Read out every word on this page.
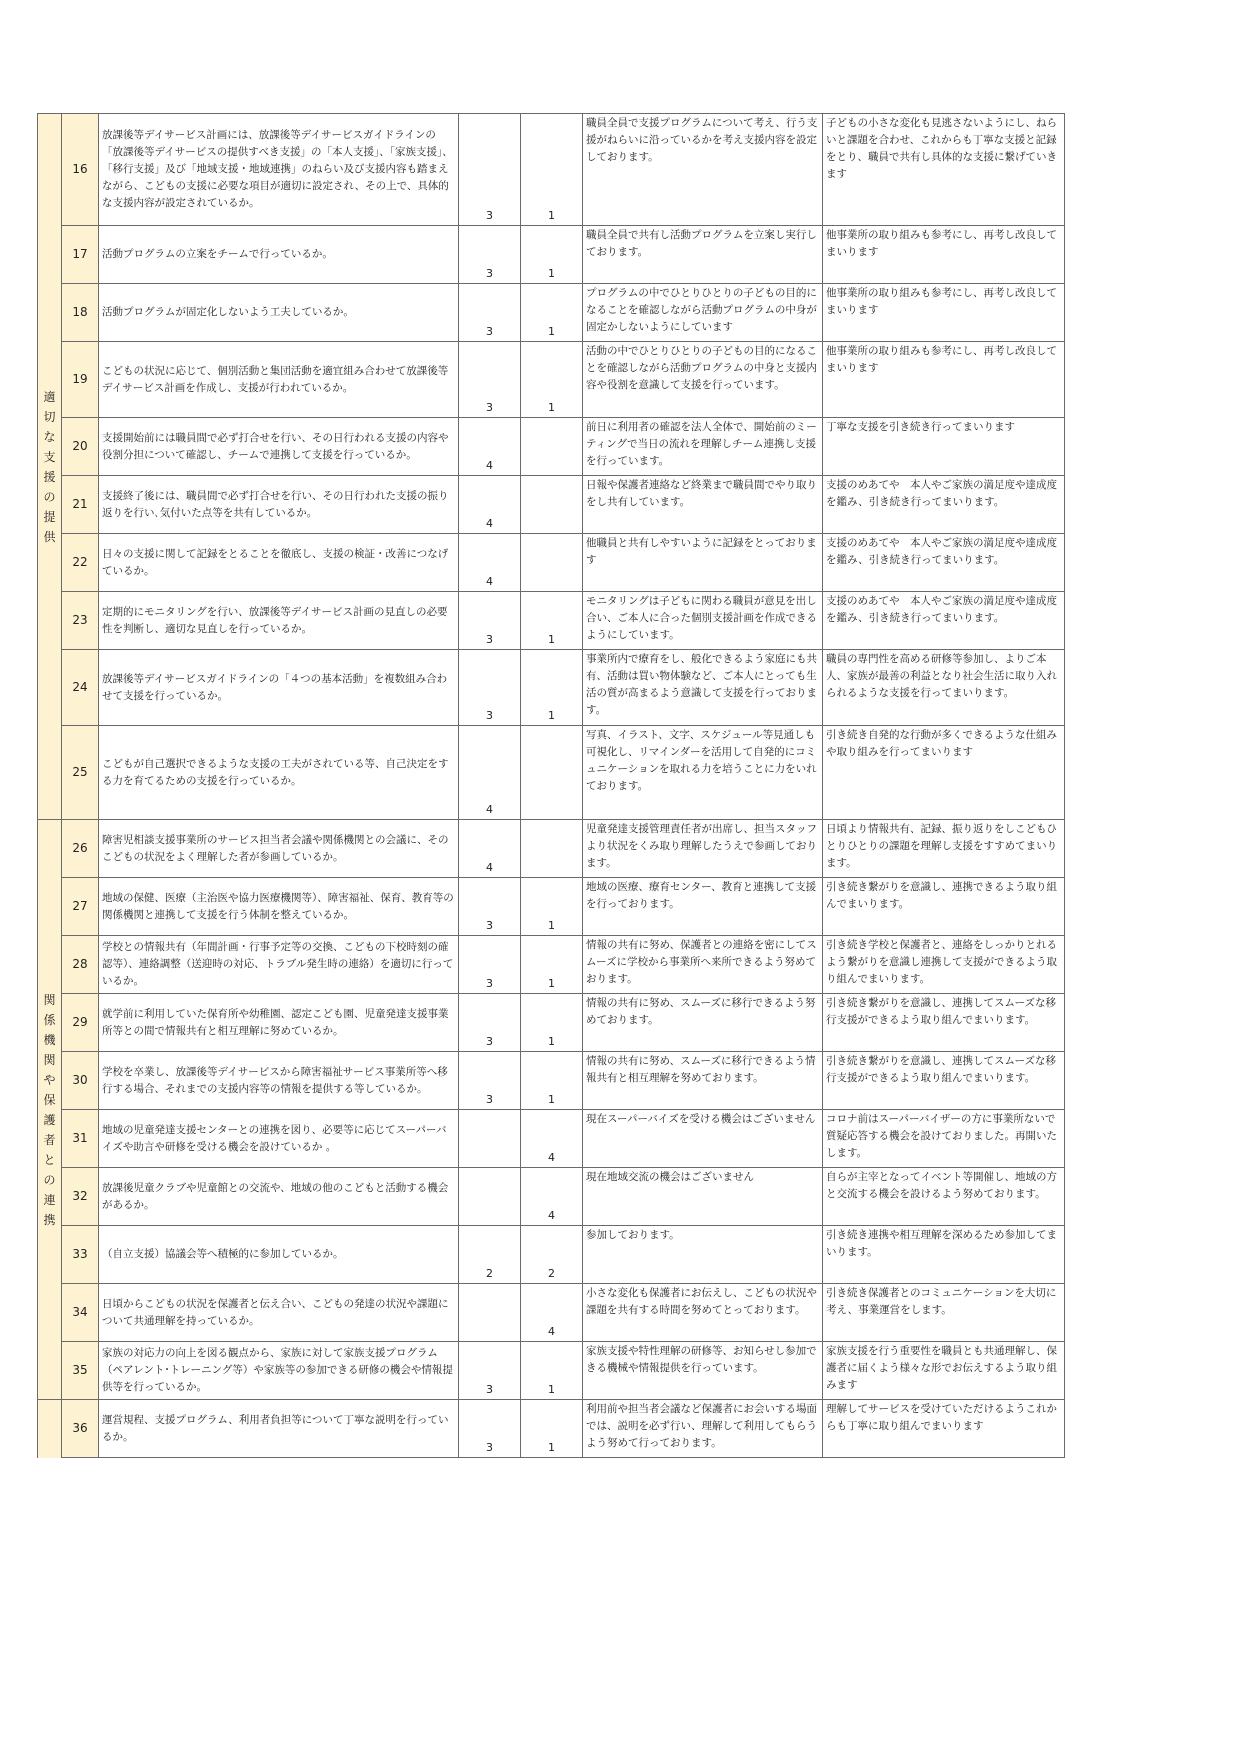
適切な支援の提供	16	放課後等デイサービス計画には、放課後等デイサービスガイドラインの「放課後等デイサービスの提供すべき支援」の「本人支援」、「家族支援」、「移行支援」及び「地域支援・地域連携」のねらい及び支援内容も踏まえながら、こどもの支援に必要な項目が適切に設定され、その上で、具体的な支援内容が設定されているか。	3	1	職員全員で支援プログラムについて考え、行う支援がねらいに沿っているかを考え支援内容を設定しております。	子どもの小さな変化も見逃さないようにし、ねらいと課題を合わせ、これからも丁寧な支援と記録をとり、職員で共有し具体的な支援に繋げていきます
	17	活動プログラムの立案をチームで行っているか。	3	1	職員全員で共有し活動プログラムを立案し実行しております。	他事業所の取り組みも参考にし、再考し改良してまいります
	18	活動プログラムが固定化しないよう工夫しているか。	3	1	プログラムの中でひとりひとりの子どもの目的になることを確認しながら活動プログラムの中身が固定かしないようにしています	他事業所の取り組みも参考にし、再考し改良してまいります
	19	こどもの状況に応じて、個別活動と集団活動を適宜組み合わせて放課後等デイサービス計画を作成し、支援が行われているか。	3	1	活動の中でひとりひとりの子どもの目的になることを確認しながら活動プログラムの中身と支援内容や役割を意識して支援を行っています。	他事業所の取り組みも参考にし、再考し改良してまいります
	20	支援開始前には職員間で必ず打合せを行い、その日行われる支援の内容や役割分担について確認し、チームで連携して支援を行っているか。	4		前日に利用者の確認を法人全体で、開始前のミーティングで当日の流れを理解しチーム連携し支援を行っています。	丁寧な支援を引き続き行ってまいります
	21	支援終了後には、職員間で必ず打合せを行い、その日行われた支援の振り返りを行い､気付いた点等を共有しているか。	4		日報や保護者連絡など終業まで職員間でやり取りをし共有しています。	支援のめあてや　本人やご家族の満足度や達成度を鑑み、引き続き行ってまいります。
	22	日々の支援に関して記録をとることを徹底し、支援の検証・改善につなげているか。	4		他職員と共有しやすいように記録をとっております	支援のめあてや　本人やご家族の満足度や達成度を鑑み、引き続き行ってまいります。
	23	定期的にモニタリングを行い、放課後等デイサービス計画の見直しの必要性を判断し、適切な見直しを行っているか。	3	1	モニタリングは子どもに関わる職員が意見を出し合い、ご本人に合った個別支援計画を作成できるようにしています。	支援のめあてや　本人やご家族の満足度や達成度を鑑み、引き続き行ってまいります。
	24	放課後等デイサービスガイドラインの「４つの基本活動」を複数組み合わせて支援を行っているか。	3	1	事業所内で療育をし、般化できるよう家庭にも共有、活動は買い物体験など、ご本人にとっても生活の質が高まるよう意識して支援を行っております。	職員の専門性を高める研修等参加し、よりご本人、家族が最善の利益となり社会生活に取り入れられるような支援を行ってまいります。
	25	こどもが自己選択できるような支援の工夫がされている等、自己決定をする力を育てるための支援を行っているか。	4		写真、イラスト、文字、スケジュール等見通しも可視化し、リマインダーを活用して自発的にコミュニケーションを取れる力を培うことに力をいれております。	引き続き自発的な行動が多くできるような仕組みや取り組みを行ってまいります
関係機関や保護者との連携	26	障害児相談支援事業所のサービス担当者会議や関係機関との会議に、そのこどもの状況をよく理解した者が参画しているか。	4		児童発達支援管理責任者が出席し、担当スタッフより状況をくみ取り理解したうえで参画しております。	日頃より情報共有、記録、振り返りをしこどもひとりひとりの課題を理解し支援をすすめてまいります。
	27	地域の保健、医療（主治医や協力医療機関等）、障害福祉、保育、教育等の関係機関と連携して支援を行う体制を整えているか。	3	1	地域の医療、療育センター、教育と連携して支援を行っております。	引き続き繋がりを意識し、連携できるよう取り組んでまいります。
	28	学校との情報共有（年間計画・行事予定等の交換、こどもの下校時刻の確認等）、連絡調整（送迎時の対応、トラブル発生時の連絡）を適切に行っているか。	3	1	情報の共有に努め、保護者との連絡を密にしてスムーズに学校から事業所へ来所できるよう努めております。	引き続き学校と保護者と、連絡をしっかりとれるよう繋がりを意識し連携して支援ができるよう取り組んでまいります。
	29	就学前に利用していた保育所や幼稚園、認定こども園、児童発達支援事業所等との間で情報共有と相互理解に努めているか。	3	1	情報の共有に努め、スムーズに移行できるよう努めております。	引き続き繋がりを意識し、連携してスムーズな移行支援ができるよう取り組んでまいります。
	30	学校を卒業し、放課後等デイサービスから障害福祉サービス事業所等へ移行する場合、それまでの支援内容等の情報を提供する等しているか。	3	1	情報の共有に努め、スムーズに移行できるよう情報共有と相互理解を努めております。	引き続き繋がりを意識し、連携してスムーズな移行支援ができるよう取り組んでまいります。
	31	地域の児童発達支援センターとの連携を図り、必要等に応じてスーパーバイズや助言や研修を受ける機会を設けているか 。		4	現在スーパーバイズを受ける機会はございません	コロナ前はスーパーバイザーの方に事業所ないで質疑応答する機会を設けておりました。再開いたします。
	32	放課後児童クラブや児童館との交流や、地域の他のこどもと活動する機会があるか。		4	現在地域交流の機会はございません	自らが主宰となってイベント等開催し、地域の方と交流する機会を設けるよう努めております。
	33	（自立支援）協議会等へ積極的に参加しているか。	2	2	参加しております。	引き続き連携や相互理解を深めるため参加してまいります。
	34	日頃からこどもの状況を保護者と伝え合い、こどもの発達の状況や課題について共通理解を持っているか。		4	小さな変化も保護者にお伝えし、こどもの状況や課題を共有する時間を努めてとっております。	引き続き保護者とのコミュニケーションを大切に考え、事業運営をします。
	35	家族の対応力の向上を図る観点から、家族に対して家族支援プログラム（ペアレント･トレーニング等）や家族等の参加できる研修の機会や情報提供等を行っているか。	3	1	家族支援や特性理解の研修等、お知らせし参加できる機械や情報提供を行っています。	家族支援を行う重要性を職員とも共通理解し、保護者に届くよう様々な形でお伝えするよう取り組みます
	36	運営規程、支援プログラム、利用者負担等について丁寧な説明を行っているか。	3	1	利用前や担当者会議など保護者にお会いする場面では、説明を必ず行い、理解して利用してもらうよう努めて行っております。	理解してサービスを受けていただけるようこれからも丁寧に取り組んでまいります
